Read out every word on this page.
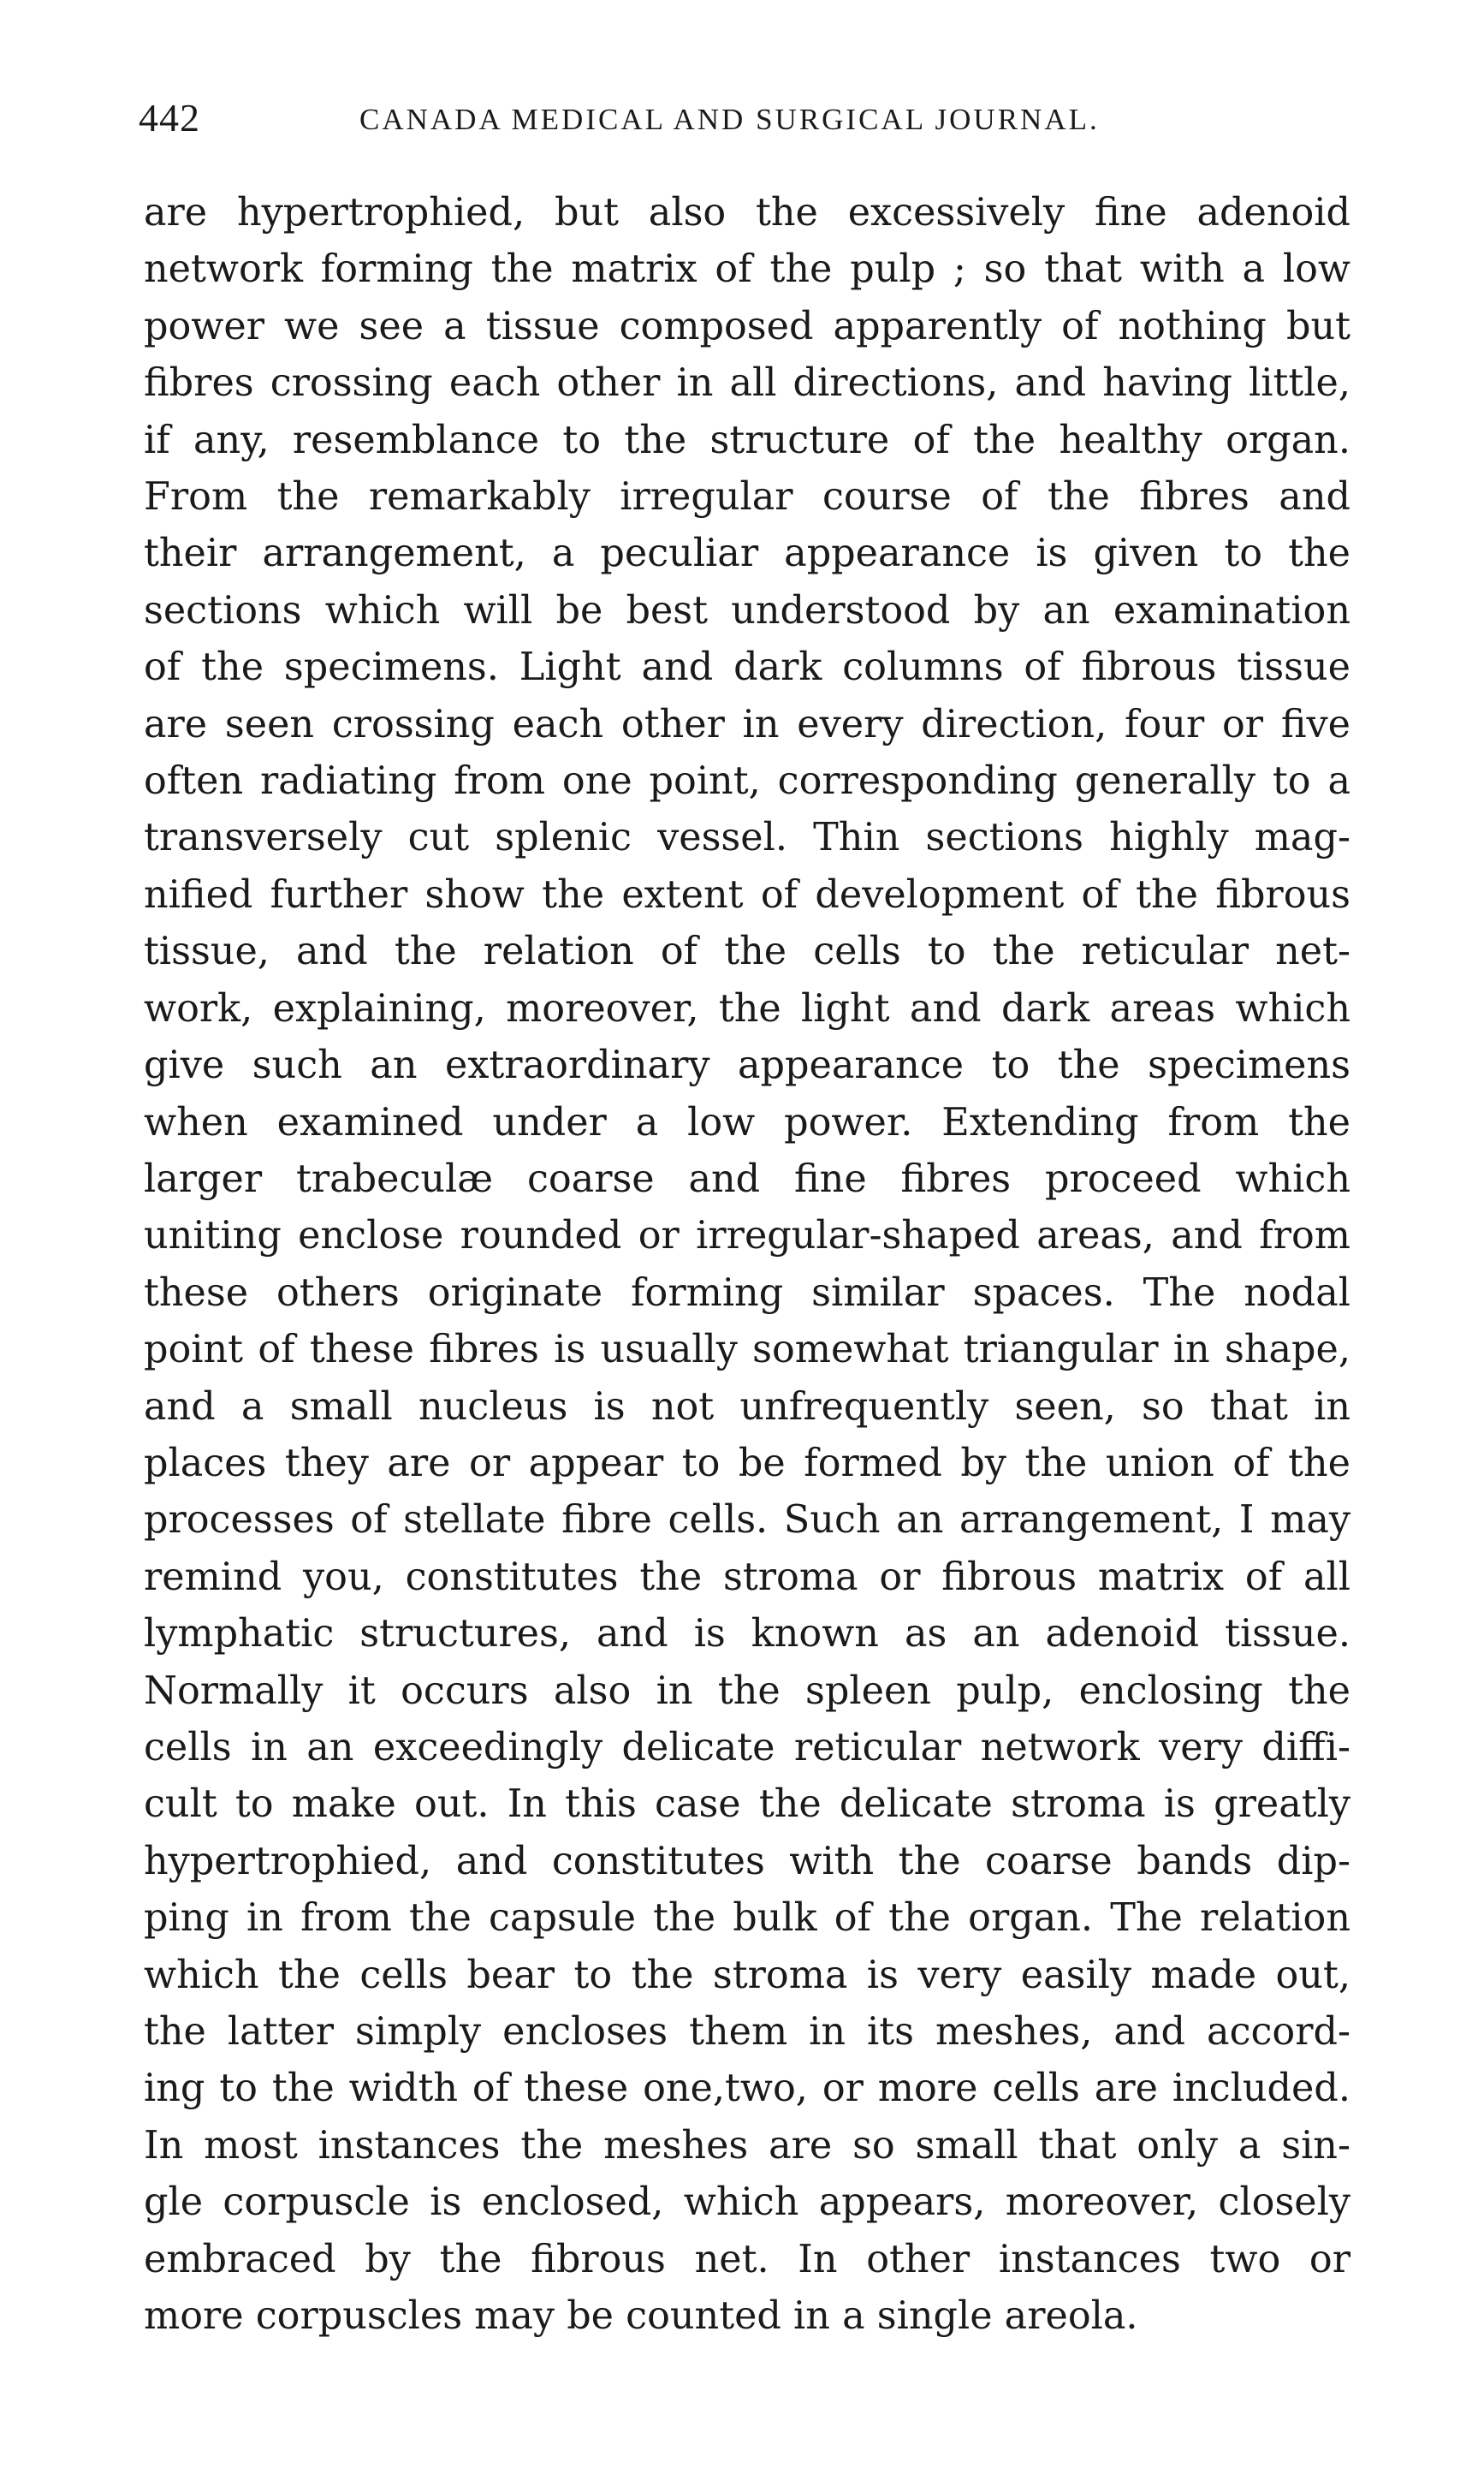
442	CANADA MEDICAL AND SURGICAL JOURNAL.
are hypertrophied, but also the excessively fine adenoid
network forming the matrix of the pulp ; so that with a low
power we see a tissue composed apparently of nothing but
fibres crossing each other in all directions, and having little,
if any, resemblance to the structure of the healthy organ.
From the remarkably irregular course of the fibres and
their arrangement, a peculiar appearance is given to the
sections which will be best understood by an examination
of the specimens. Light and dark columns of fibrous tissue
are seen crossing each other in every direction, four or five
often radiating from one point, corresponding generally to a
transversely cut splenic vessel. Thin sections highly mag-
nified further show the extent of development of the fibrous
tissue, and the relation of the cells to the reticular net-
work, explaining, moreover, the light and dark areas which
give such an extraordinary appearance to the specimens
when examined under a low power. Extending from the
larger trabeculæ coarse and fine fibres proceed which
uniting enclose rounded or irregular-shaped areas, and from
these others originate forming similar spaces. The nodal
point of these fibres is usually somewhat triangular in shape,
and a small nucleus is not unfrequently seen, so that in
places they are or appear to be formed by the union of the
processes of stellate fibre cells. Such an arrangement, I may
remind you, constitutes the stroma or fibrous matrix of all
lymphatic structures, and is known as an adenoid tissue.
Normally it occurs also in the spleen pulp, enclosing the
cells in an exceedingly delicate reticular network very diffi-
cult to make out. In this case the delicate stroma is greatly
hypertrophied, and constitutes with the coarse bands dip-
ping in from the capsule the bulk of the organ. The relation
which the cells bear to the stroma is very easily made out,
the latter simply encloses them in its meshes, and accord-
ing to the width of these one,two, or more cells are included.
In most instances the meshes are so small that only a sin-
gle corpuscle is enclosed, which appears, moreover, closely
embraced by the fibrous net. In other instances two or
more corpuscles may be counted in a single areola.
